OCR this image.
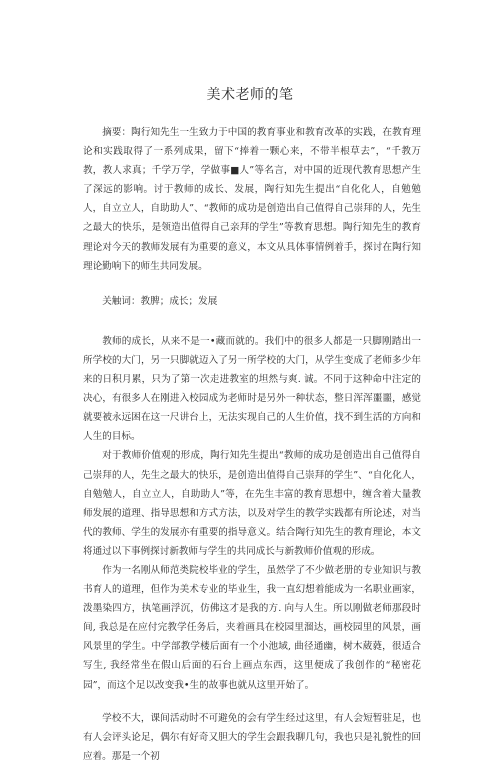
美术老师的笔

摘要：陶行知先生一生致力于中国的教育事业和教育改革的实践，在教育理论和实践取得了一系列成果，留下“捧着一颗心来，不带半根草去”，“千教万教，教人求真；千学万学，学做事■人”等名言，对中国的近现代教育思想产生了深远的影响。讨于教师的成长、发展，陶行知先生提出“自化化人，自勉勉人，自立立人，自助助人”、“教师的成功是创造出自己值得自己崇拜的人，先生之最大的快乐，是领造出值得自己亲拜的学生”等教育思想。陶行知先生的教育理论对今天的教师发展有为重要的意义，本文从具体事情例着手，探讨在陶行知理论勤响下的师生共同发展。

关触词：教脾；成长；发展

教师的成长，从来不是一•藏而就的。我们中的很多人都是一只脚刚踏出一所学校的大门，另一只脚就迈入了另一所学校的大门，从学生变成了老师多少年来的日积月累，只为了第一次走进教室的坦然与爽. 诚。不同于这种命中注定的决心，有很多人在刚进入校园成为老师时是另外一种状态，整日浑浑噩噩，感觉就要被永远困在这一尺讲台上，无法实现自己的人生价值，找不到生活的方向和人生的目标。

对于教师价值观的形成，陶行知先生提出“教师的成功是创造出自己值得自己崇拜的人，先生之最大的快乐，是创造出值得自己崇拜的学生”、“自化化人，自勉勉人，自立立人，自助助人”等，在先生丰富的教育思想中，缠含着大量教师发展的道理、指导思想和方式方法，以及对学生的教学实践都有所论述，对当代的教师、学生的发展亦有重要的指导意义。结合陶行知先生的教育理论，本文将通过以下事例探讨新教师与学生的共同成长与新教师价值观的形成。

作为一名刚从师范类院校毕业的学生，虽然学了不少做老册的专业知识与教书育人的道理，但作为美术专业的毕业生，我一直幻想着能成为一名职业画家，泼墨染四方，执笔画浮沉，仿佛这才是我的方. 向与人生。所以刚做老师那段时间, 我总是在应付完教学任务后，夹着画具在校园里溜达，画校园里的风景，画风景里的学生。中学部教学楼后面有一个小池域, 曲径通幽，树木葳蕤，很适合写生, 我经常坐在假山后面的石台上画点东西，这里便成了我创作的“秘密花园”，而这个足以改变我•生的故事也就从这里开始了。

学校不大，课间活动时不可避免的会有学生经过这里，有人会短暂驻足，也有人会评头论足，偶尔有好奇又胆大的学生会跟我聊几句，我也只是礼貌性的回应着。那是一个初
